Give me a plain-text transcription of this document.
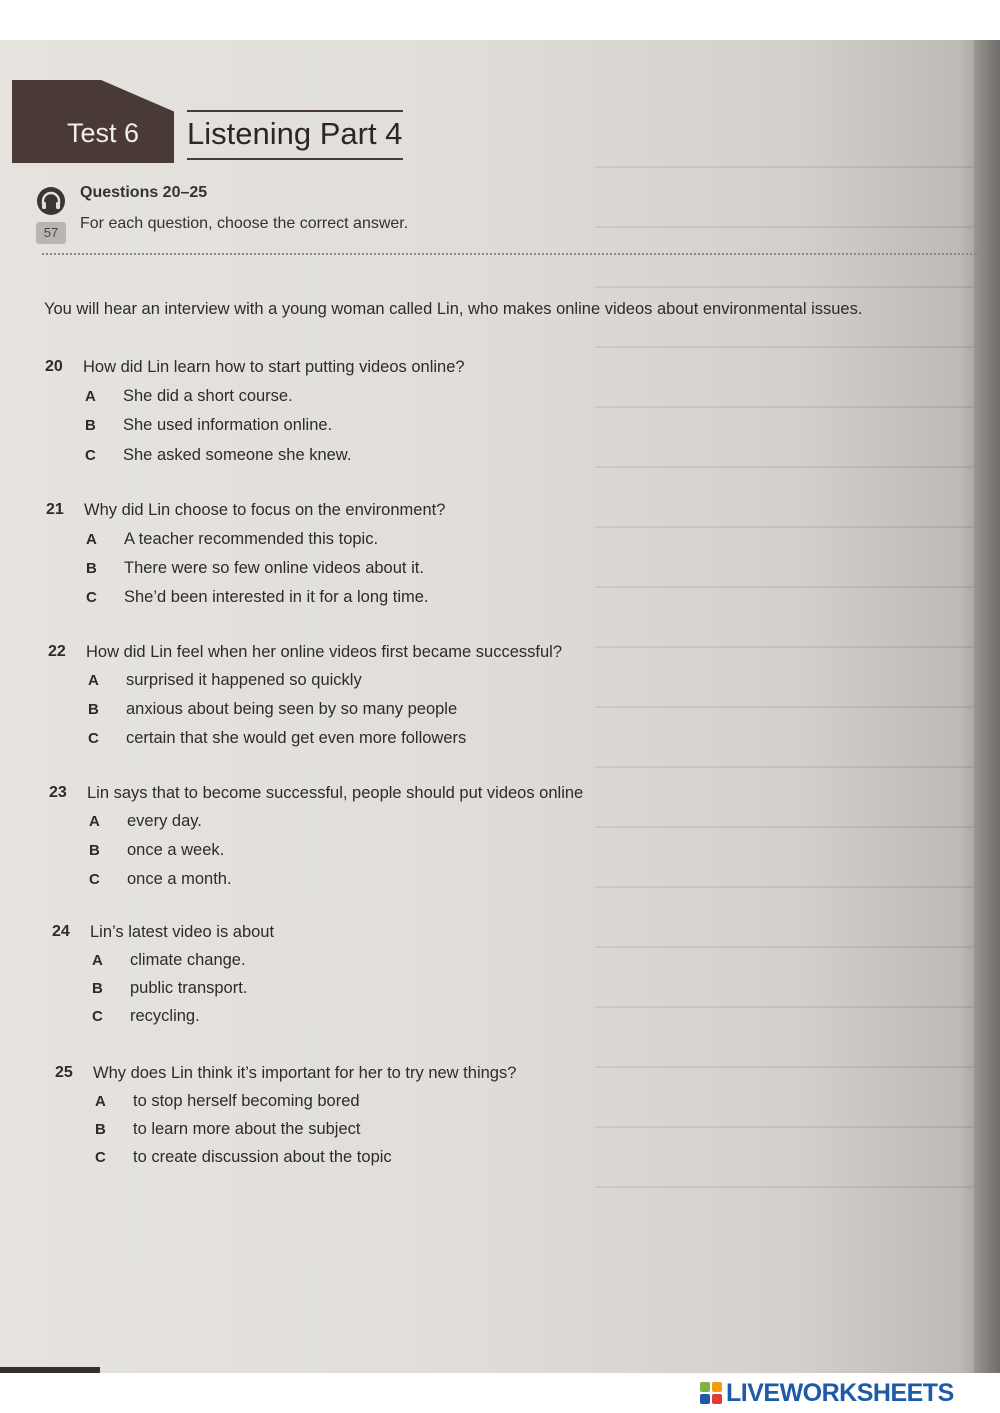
Test 6 Listening Part 4
57
Questions 20–25
For each question, choose the correct answer.
You will hear an interview with a young woman called Lin, who makes online videos about environmental issues.
20 How did Lin learn how to start putting videos online?
A She did a short course.
B She used information online.
C She asked someone she knew.
21 Why did Lin choose to focus on the environment?
A A teacher recommended this topic.
B There were so few online videos about it.
C She’d been interested in it for a long time.
22 How did Lin feel when her online videos first became successful?
A surprised it happened so quickly
B anxious about being seen by so many people
C certain that she would get even more followers
23 Lin says that to become successful, people should put videos online
A every day.
B once a week.
C once a month.
24 Lin’s latest video is about
A climate change.
B public transport.
C recycling.
25 Why does Lin think it’s important for her to try new things?
A to stop herself becoming bored
B to learn more about the subject
C to create discussion about the topic
LIVEWORKSHEETS
